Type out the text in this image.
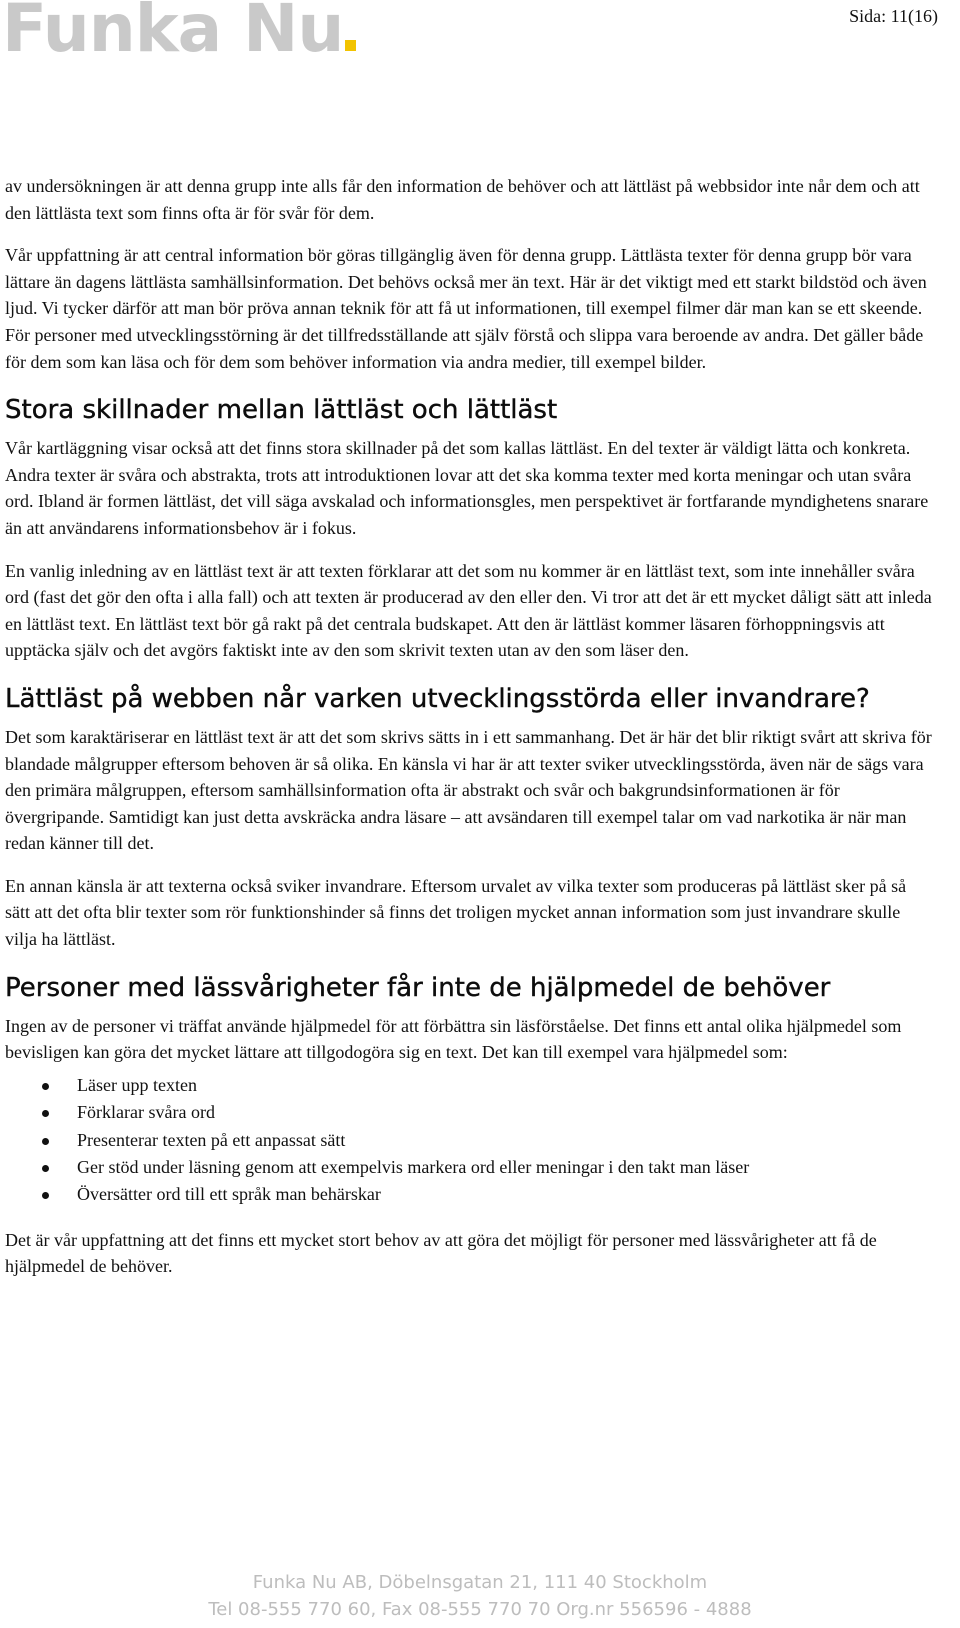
Funka Nu	Sida: 11(16)

av undersökningen är att denna grupp inte alls får den information de behöver och att lättläst på webbsidor inte når dem och att den lättlästa text som finns ofta är för svår för dem.

Vår uppfattning är att central information bör göras tillgänglig även för denna grupp. Lättlästa texter för denna grupp bör vara lättare än dagens lättlästa samhällsinformation. Det behövs också mer än text. Här är det viktigt med ett starkt bildstöd och även ljud. Vi tycker därför att man bör pröva annan teknik för att få ut informationen, till exempel filmer där man kan se ett skeende. För personer med utvecklingsstörning är det tillfredsställande att själv förstå och slippa vara beroende av andra. Det gäller både för dem som kan läsa och för dem som behöver information via andra medier, till exempel bilder.

Stora skillnader mellan lättläst och lättläst

Vår kartläggning visar också att det finns stora skillnader på det som kallas lättläst. En del texter är väldigt lätta och konkreta. Andra texter är svåra och abstrakta, trots att introduktionen lovar att det ska komma texter med korta meningar och utan svåra ord. Ibland är formen lättläst, det vill säga avskalad och informationsgles, men perspektivet är fortfarande myndighetens snarare än att användarens informationsbehov är i fokus.

En vanlig inledning av en lättläst text är att texten förklarar att det som nu kommer är en lättläst text, som inte innehåller svåra ord (fast det gör den ofta i alla fall) och att texten är producerad av den eller den. Vi tror att det är ett mycket dåligt sätt att inleda en lättläst text. En lättläst text bör gå rakt på det centrala budskapet. Att den är lättläst kommer läsaren förhoppningsvis att upptäcka själv och det avgörs faktiskt inte av den som skrivit texten utan av den som läser den.

Lättläst på webben når varken utvecklingsstörda eller invandrare?

Det som karaktäriserar en lättläst text är att det som skrivs sätts in i ett sammanhang. Det är här det blir riktigt svårt att skriva för blandade målgrupper eftersom behoven är så olika. En känsla vi har är att texter sviker utvecklingsstörda, även när de sägs vara den primära målgruppen, eftersom samhällsinformation ofta är abstrakt och svår och bakgrundsinformationen är för övergripande. Samtidigt kan just detta avskräcka andra läsare – att avsändaren till exempel talar om vad narkotika är när man redan känner till det.

En annan känsla är att texterna också sviker invandrare. Eftersom urvalet av vilka texter som produceras på lättläst sker på så sätt att det ofta blir texter som rör funktionshinder så finns det troligen mycket annan information som just invandrare skulle vilja ha lättläst.

Personer med lässvårigheter får inte de hjälpmedel de behöver

Ingen av de personer vi träffat använde hjälpmedel för att förbättra sin läsförståelse. Det finns ett antal olika hjälpmedel som bevisligen kan göra det mycket lättare att tillgodogöra sig en text. Det kan till exempel vara hjälpmedel som:

Läser upp texten
Förklarar svåra ord
Presenterar texten på ett anpassat sätt
Ger stöd under läsning genom att exempelvis markera ord eller meningar i den takt man läser
Översätter ord till ett språk man behärskar

Det är vår uppfattning att det finns ett mycket stort behov av att göra det möjligt för personer med lässvårigheter att få de hjälpmedel de behöver.

Funka Nu AB, Döbelnsgatan 21, 111 40 Stockholm
Tel 08-555 770 60, Fax 08-555 770 70 Org.nr 556596 - 4888
